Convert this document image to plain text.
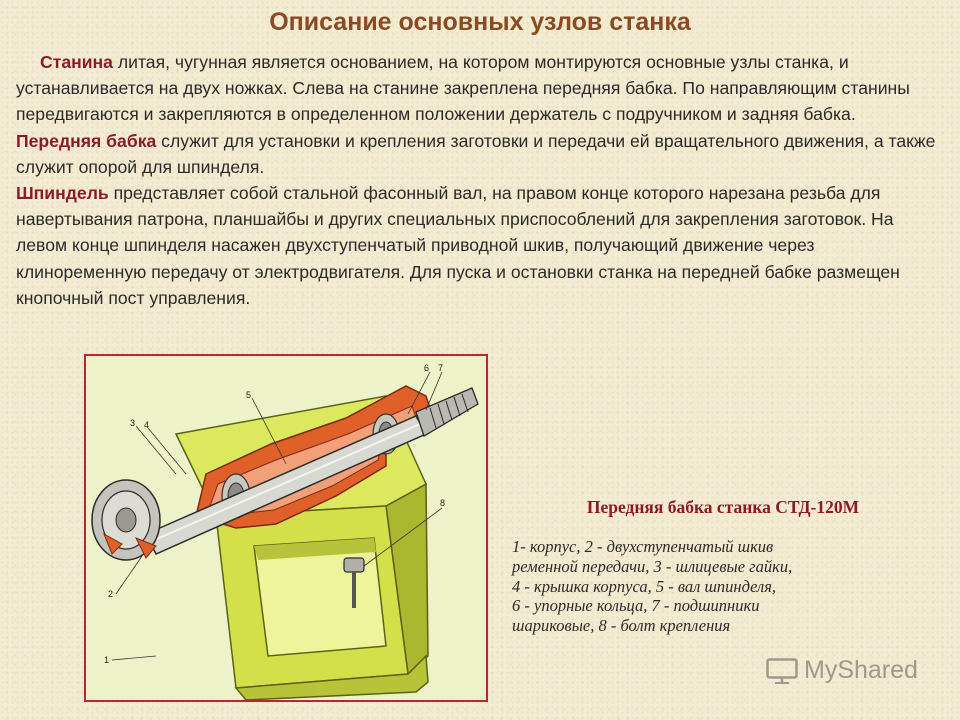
Описание основных узлов станка

Станина литая, чугунная является основанием, на котором монтируются основные узлы станка, и устанавливается на двух ножках. Слева на станине закреплена передняя бабка. По направляющим станины передвигаются и закрепляются в определенном положении держатель с подручником и задняя бабка.

Передняя бабка служит для установки и крепления заготовки и передачи ей вращательного движения, а также служит опорой для шпинделя.

Шпиндель представляет собой стальной фасонный вал, на правом конце которого нарезана резьба для навертывания патрона, планшайбы и других специальных приспособлений для закрепления заготовок. На левом конце шпинделя насажен двухступенчатый приводной шкив, получающий движение через клиноременную передачу от электродвигателя. Для пуска и остановки станка на передней бабке размещен кнопочный пост управления.

1
2
3 4
5
6 7
8	Передняя бабка станка СТД-120М
1- корпус, 2 - двухступенчатый шкив
ременной передачи, 3 - шлицевые гайки,
4 - крышка корпуса, 5 - вал шпинделя,
6 - упорные кольца, 7 - подшипники
шариковые, 8 - болт крепления
MyShared
